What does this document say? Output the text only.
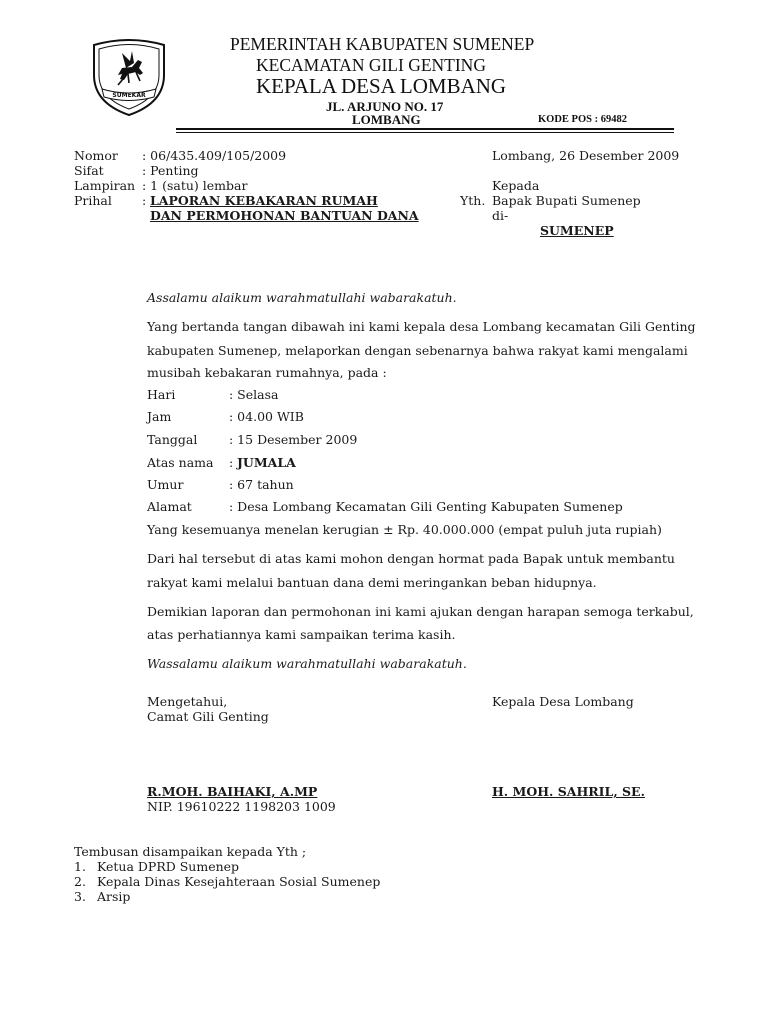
SUMEKAR
PEMERINTAH KABUPATEN SUMENEP
KECAMATAN GILI GENTING
KEPALA DESA LOMBANG
JL. ARJUNO NO. 17
LOMBANG	KODE POS : 69482
Nomor : 06/435.409/105/2009
Sifat	: Penting
Lampiran : 1 (satu) lembar
Prihal : LAPORAN KEBAKARAN RUMAH
DAN PERMOHONAN BANTUAN DANA
Lombang, 26 Desember 2009
Kepada
Yth. Bapak Bupati Sumenep
di-
SUMENEP
Assalamu alaikum warahmatullahi wabarakatuh.
Yang bertanda tangan dibawah ini kami kepala desa Lombang kecamatan Gili Genting
kabupaten Sumenep, melaporkan dengan sebenarnya bahwa rakyat kami mengalami
musibah kebakaran rumahnya, pada :
Hari	: Selasa
Jam	: 04.00 WIB
Tanggal	: 15 Desember 2009
Atas nama : JUMALA
Umur	: 67 tahun
Alamat	: Desa Lombang Kecamatan Gili Genting Kabupaten Sumenep
Yang kesemuanya menelan kerugian ± Rp. 40.000.000 (empat puluh juta rupiah)
Dari hal tersebut di atas kami mohon dengan hormat pada Bapak untuk membantu
rakyat kami melalui bantuan dana demi meringankan beban hidupnya.
Demikian laporan dan permohonan ini kami ajukan dengan harapan semoga terkabul,
atas perhatiannya kami sampaikan terima kasih.
Wassalamu alaikum warahmatullahi wabarakatuh.
Mengetahui,
Camat Gili Genting
R.MOH. BAIHAKI, A.MP
NIP. 19610222 1198203 1009
Kepala Desa Lombang
H. MOH. SAHRIL, SE.
Tembusan disampaikan kepada Yth ;
1. Ketua DPRD Sumenep
2. Kepala Dinas Kesejahteraan Sosial Sumenep
3. Arsip
